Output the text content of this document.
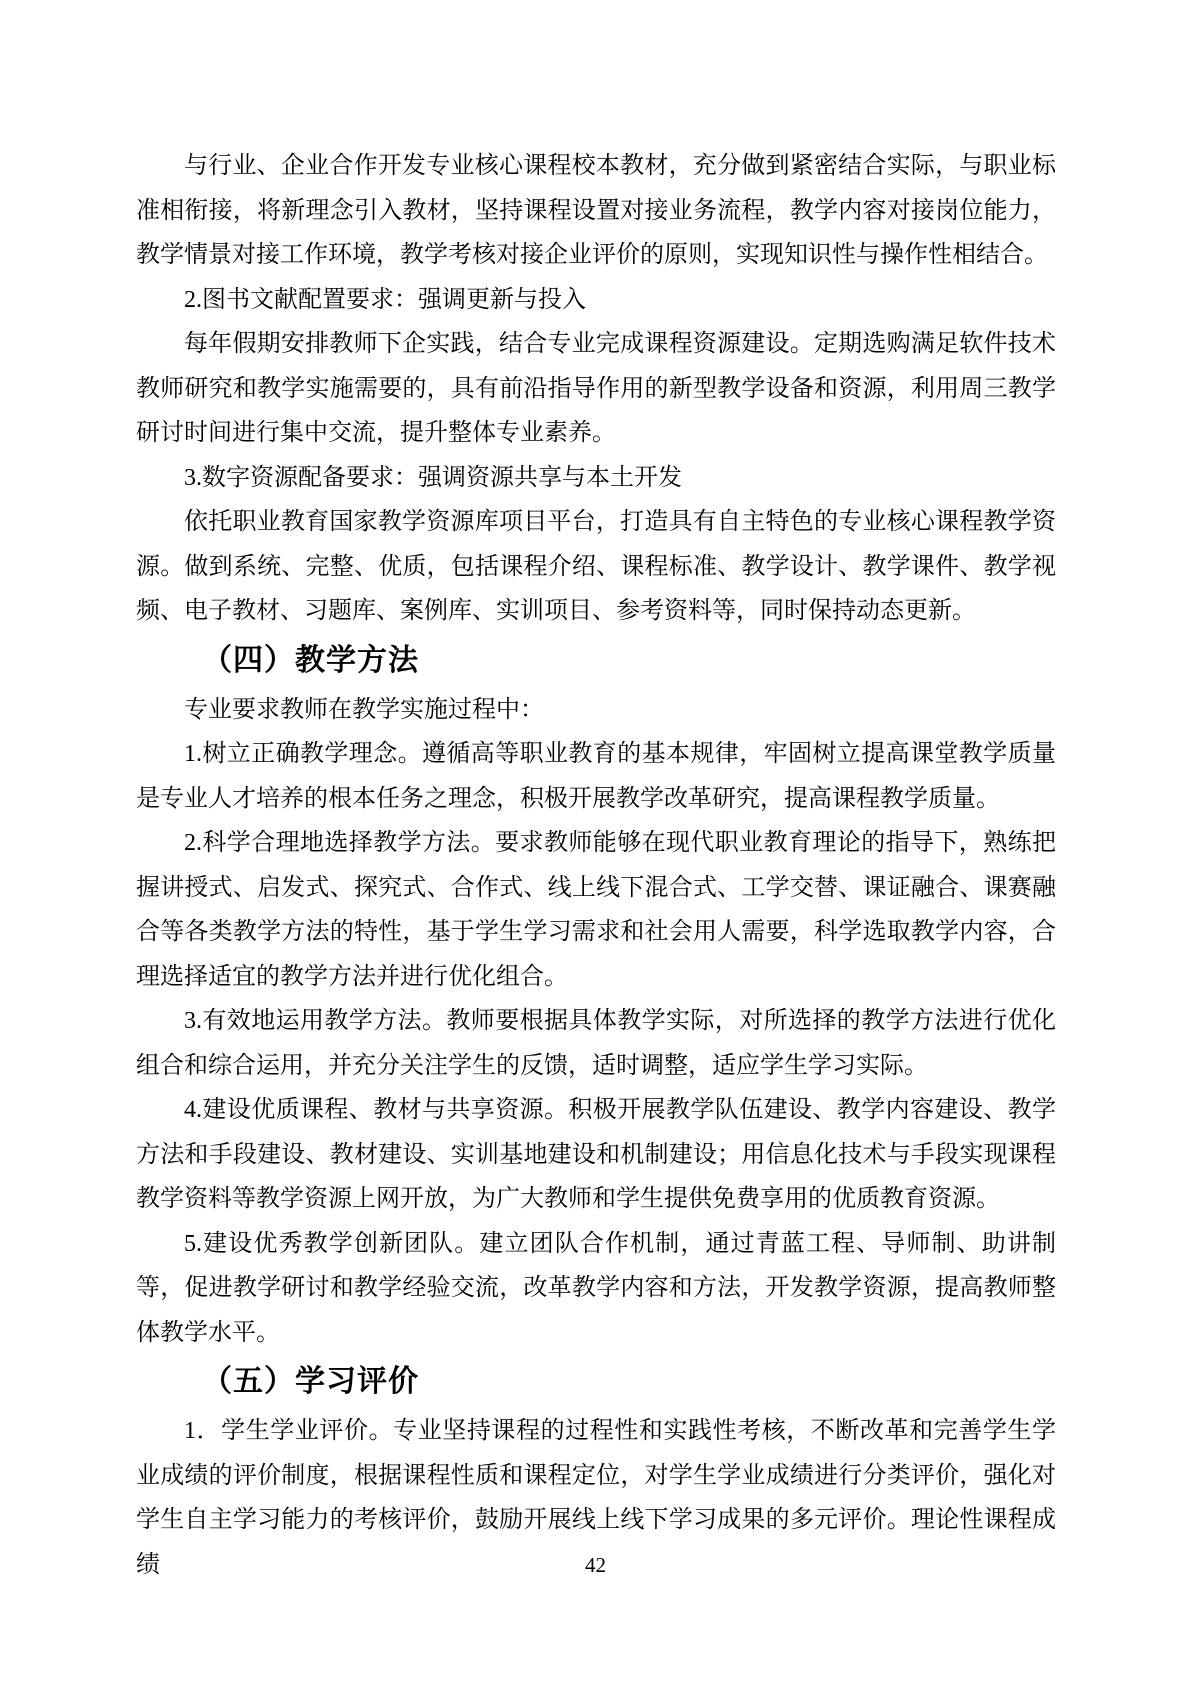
与行业、企业合作开发专业核心课程校本教材，充分做到紧密结合实际，与职业标准相衔接，将新理念引入教材，坚持课程设置对接业务流程，教学内容对接岗位能力，教学情景对接工作环境，教学考核对接企业评价的原则，实现知识性与操作性相结合。

2.图书文献配置要求：强调更新与投入

每年假期安排教师下企实践，结合专业完成课程资源建设。定期选购满足软件技术教师研究和教学实施需要的，具有前沿指导作用的新型教学设备和资源，利用周三教学研讨时间进行集中交流，提升整体专业素养。

3.数字资源配备要求：强调资源共享与本土开发

依托职业教育国家教学资源库项目平台，打造具有自主特色的专业核心课程教学资源。做到系统、完整、优质，包括课程介绍、课程标准、教学设计、教学课件、教学视频、电子教材、习题库、案例库、实训项目、参考资料等，同时保持动态更新。

（四）教学方法

专业要求教师在教学实施过程中：

1.树立正确教学理念。遵循高等职业教育的基本规律，牢固树立提高课堂教学质量是专业人才培养的根本任务之理念，积极开展教学改革研究，提高课程教学质量。

2.科学合理地选择教学方法。要求教师能够在现代职业教育理论的指导下，熟练把握讲授式、启发式、探究式、合作式、线上线下混合式、工学交替、课证融合、课赛融合等各类教学方法的特性，基于学生学习需求和社会用人需要，科学选取教学内容，合理选择适宜的教学方法并进行优化组合。

3.有效地运用教学方法。教师要根据具体教学实际，对所选择的教学方法进行优化组合和综合运用，并充分关注学生的反馈，适时调整，适应学生学习实际。

4.建设优质课程、教材与共享资源。积极开展教学队伍建设、教学内容建设、教学方法和手段建设、教材建设、实训基地建设和机制建设；用信息化技术与手段实现课程教学资料等教学资源上网开放，为广大教师和学生提供免费享用的优质教育资源。

5.建设优秀教学创新团队。建立团队合作机制，通过青蓝工程、导师制、助讲制等，促进教学研讨和教学经验交流，改革教学内容和方法，开发教学资源，提高教师整体教学水平。

（五）学习评价

1．学生学业评价。专业坚持课程的过程性和实践性考核，不断改革和完善学生学业成绩的评价制度，根据课程性质和课程定位，对学生学业成绩进行分类评价，强化对学生自主学习能力的考核评价，鼓励开展线上线下学习成果的多元评价。理论性课程成绩	42
